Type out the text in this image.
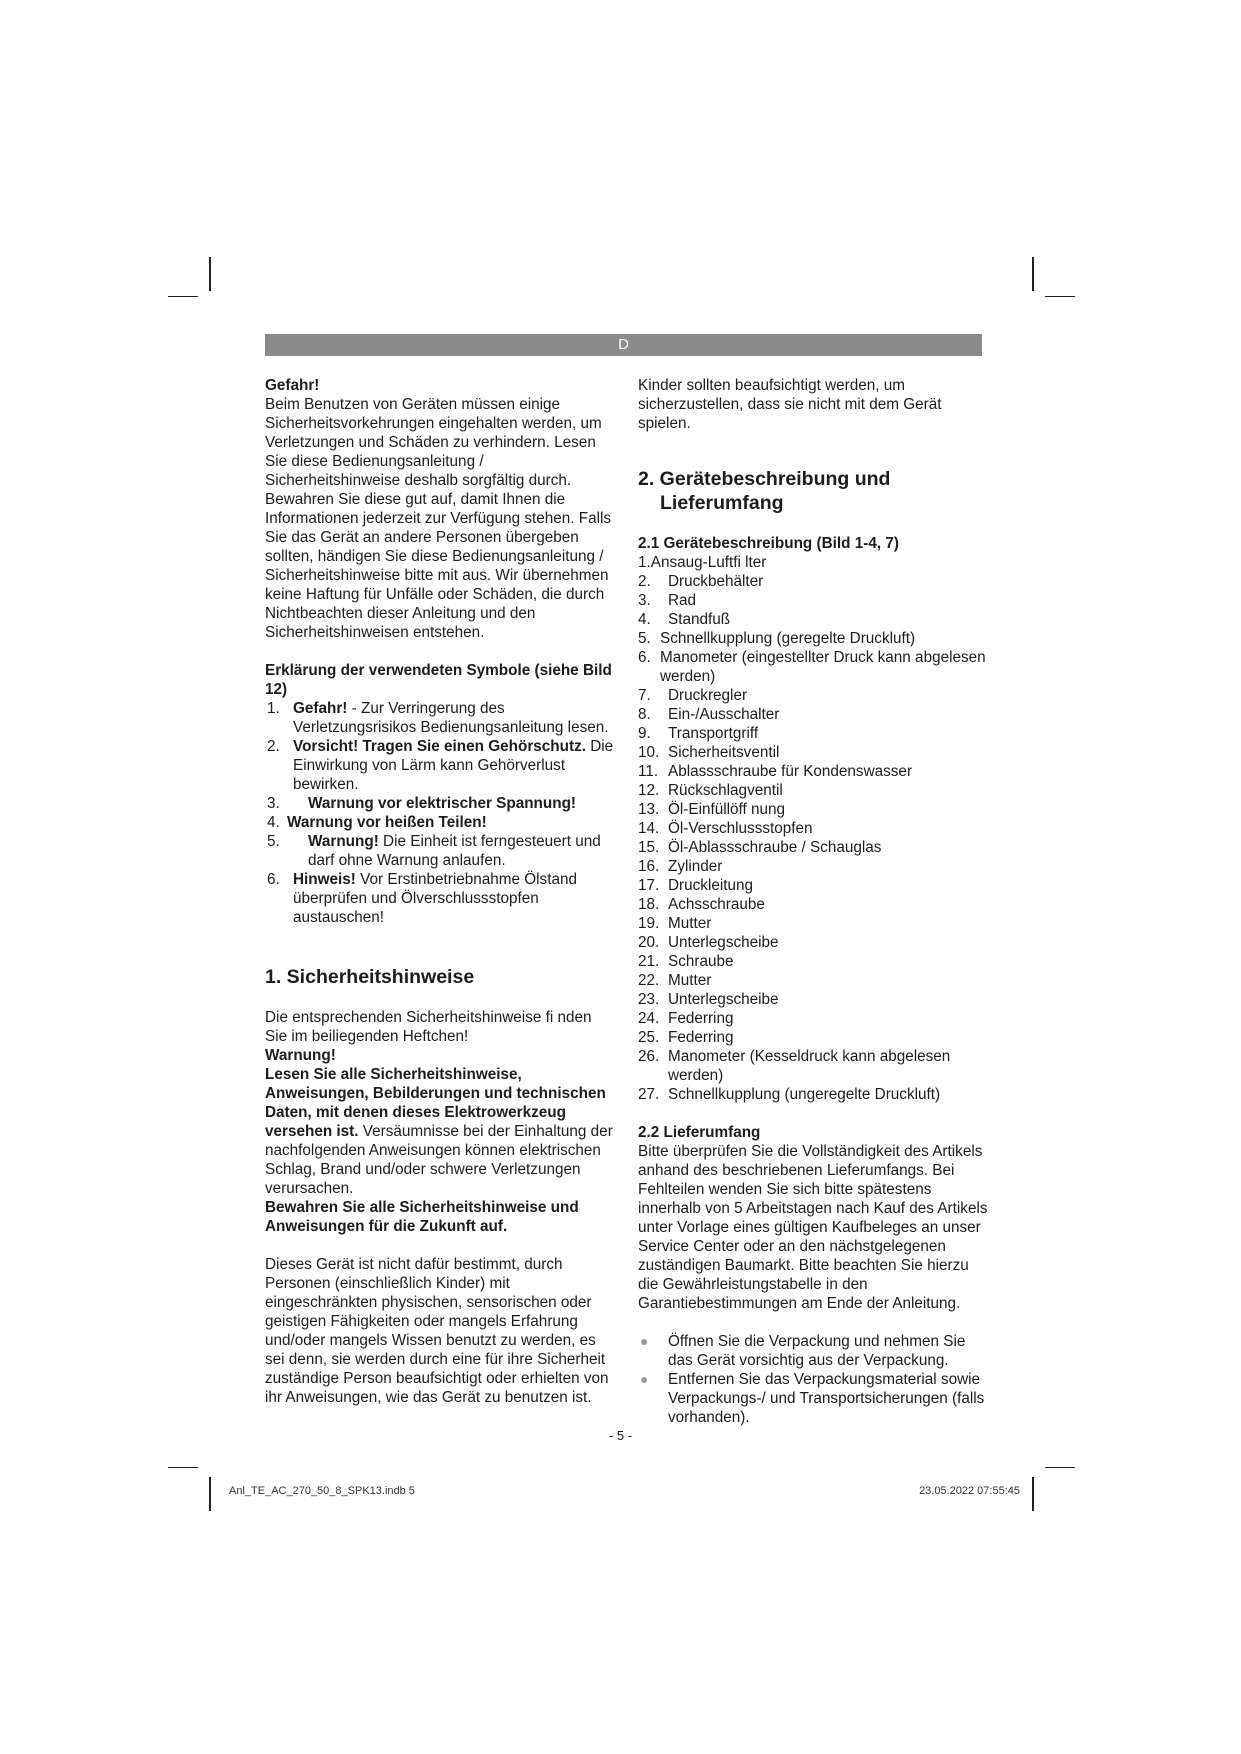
D

Gefahr!

Beim Benutzen von Geräten müssen einige Sicherheitsvorkehrungen eingehalten werden, um Verletzungen und Schäden zu verhindern. Lesen Sie diese Bedienungsanleitung / Sicherheitshinweise deshalb sorgfältig durch. Bewahren Sie diese gut auf, damit Ihnen die Informationen jederzeit zur Verfügung stehen. Falls Sie das Gerät an andere Personen übergeben sollten, händigen Sie diese Bedienungsanleitung / Sicherheitshinweise bitte mit aus. Wir übernehmen keine Haftung für Unfälle oder Schäden, die durch Nichtbeachten dieser Anleitung und den Sicherheitshinweisen entstehen.

Erklärung der verwendeten Symbole (siehe Bild 12)

1. Gefahr! - Zur Verringerung des Verletzungsrisikos Bedienungsanleitung lesen.
2. Vorsicht! Tragen Sie einen Gehörschutz. Die Einwirkung von Lärm kann Gehörverlust bewirken.
3. Warnung vor elektrischer Spannung!
4. Warnung vor heißen Teilen!
5. Warnung! Die Einheit ist ferngesteuert und darf ohne Warnung anlaufen.
6. Hinweis! Vor Erstinbetriebnahme Ölstand überprüfen und Ölverschlussstopfen austauschen!

1. Sicherheitshinweise

Die entsprechenden Sicherheitshinweise fi nden Sie im beiliegenden Heftchen!

Warnung!

Lesen Sie alle Sicherheitshinweise, Anweisungen, Bebilderungen und technischen Daten, mit denen dieses Elektrowerkzeug versehen ist. Versäumnisse bei der Einhaltung der nachfolgenden Anweisungen können elektrischen Schlag, Brand und/oder schwere Verletzungen verursachen.

Bewahren Sie alle Sicherheitshinweise und Anweisungen für die Zukunft auf.

Dieses Gerät ist nicht dafür bestimmt, durch Personen (einschließlich Kinder) mit eingeschränkten physischen, sensorischen oder geistigen Fähigkeiten oder mangels Erfahrung und/oder mangels Wissen benutzt zu werden, es sei denn, sie werden durch eine für ihre Sicherheit zuständige Person beaufsichtigt oder erhielten von ihr Anweisungen, wie das Gerät zu benutzen ist.

Kinder sollten beaufsichtigt werden, um sicherzustellen, dass sie nicht mit dem Gerät spielen.

2. Gerätebeschreibung und Lieferumfang

2.1 Gerätebeschreibung (Bild 1-4, 7)

1.Ansaug-Luftfi lter
2. Druckbehälter
3. Rad
4. Standfuß
5. Schnellkupplung (geregelte Druckluft)
6. Manometer (eingestellter Druck kann abgelesen werden)
7. Druckregler
8. Ein-/Ausschalter
9. Transportgriff
10. Sicherheitsventil
11. Ablassschraube für Kondenswasser
12. Rückschlagventil
13. Öl-Einfüllöff nung
14. Öl-Verschlussstopfen
15. Öl-Ablassschraube / Schauglas
16. Zylinder
17. Druckleitung
18. Achsschraube
19. Mutter
20. Unterlegscheibe
21. Schraube
22. Mutter
23. Unterlegscheibe
24. Federring
25. Federring
26. Manometer (Kesseldruck kann abgelesen werden)
27. Schnellkupplung (ungeregelte Druckluft)

2.2 Lieferumfang

Bitte überprüfen Sie die Vollständigkeit des Artikels anhand des beschriebenen Lieferumfangs. Bei Fehlteilen wenden Sie sich bitte spätestens innerhalb von 5 Arbeitstagen nach Kauf des Artikels unter Vorlage eines gültigen Kaufbeleges an unser Service Center oder an den nächstgelegenen zuständigen Baumarkt. Bitte beachten Sie hierzu die Gewährleistungstabelle in den Garantiebestimmungen am Ende der Anleitung.

● Öffnen Sie die Verpackung und nehmen Sie das Gerät vorsichtig aus der Verpackung.
● Entfernen Sie das Verpackungsmaterial sowie Verpackungs-/ und Transportsicherungen (falls vorhanden).
- 5 -
Anl_TE_AC_270_50_8_SPK13.indb 5	23.05.2022 07:55:45
